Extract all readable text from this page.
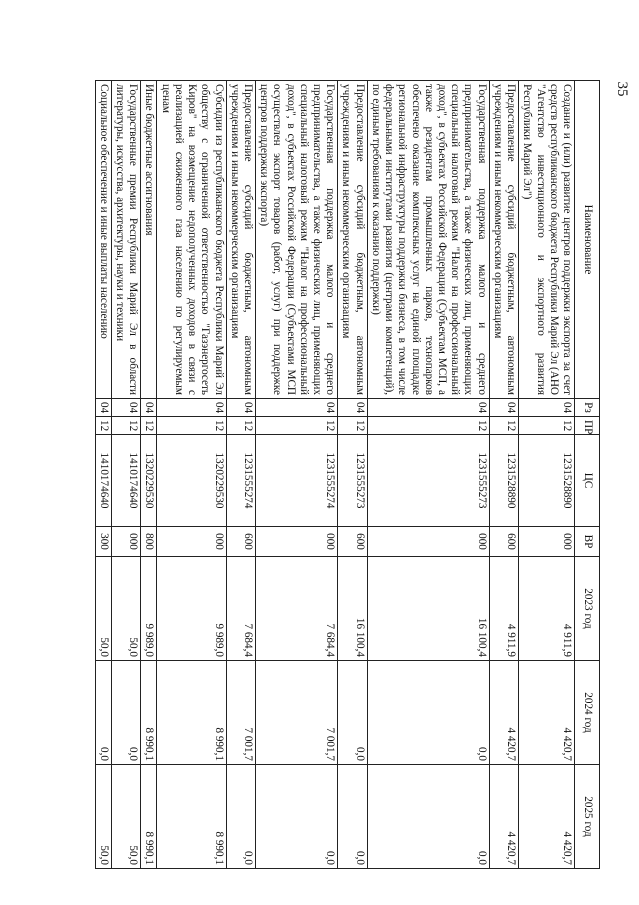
35
Наименование	Рз	ПР	ЦС	ВР	2023 год	2024 год	2025 год
Создание и (или) развитие центров поддержки экспорта за счет средств республиканского бюджета Республики Марий Эл (АНО "Агентство инвестиционного и экспортного развития Республики Марий Эл")	04	12	1231528890	000	4 911,9	4 420,7	4 420,7
Предоставление субсидий бюджетным, автономным учреждениям и иным некоммерческим организациям	04	12	1231528890	600	4 911,9	4 420,7	4 420,7
Государственная поддержка малого и среднего предпринимательства, а также физических лиц, применяющих специальный налоговый режим "Налог на профессиональный доход", в субъектах Российской Федерации (Субъектам МСП, а также резидентам промышленных парков, технопарков обеспечено оказание комплексных услуг на единой площадке региональной инфраструктуры поддержки бизнеса, в том числе федеральными институтами развития (центрами компетенций), по единым требованиям к оказанию поддержки)	04	12	1231555273	000	16 100,4	0,0	0,0
Предоставление субсидий бюджетным, автономным учреждениям и иным некоммерческим организациям	04	12	1231555273	600	16 100,4	0,0	0,0
Государственная поддержка малого и среднего предпринимательства, а также физических лиц, применяющих специальный налоговый режим "Налог на профессиональный доход", в субъектах Российской Федерации (Субъектами МСП осуществлен экспорт товаров (работ, услуг) при поддержке центров поддержки экспорта)	04	12	1231555274	000	7 684,4	7 001,7	0,0
Предоставление субсидий бюджетным, автономным учреждениям и иным некоммерческим организациям	04	12	1231555274	600	7 684,4	7 001,7	0,0
Субсидии из республиканского бюджета Республики Марий Эл обществу с ограниченной ответственностью "Газэнергосеть Киров" на возмещение недополученных доходов в связи с реализацией сжиженного газа населению по регулируемым ценам	04	12	1320229530	000	9 989,0	8 990,1	8 990,1
Иные бюджетные ассигнования	04	12	1320229530	800	9 989,0	8 990,1	8 990,1
Государственные премии Республики Марий Эл в области литературы, искусства, архитектуры, науки и техники	04	12	1410174640	000	50,0	0,0	50,0
Социальное обеспечение и иные выплаты населению	04	12	1410174640	300	50,0	0,0	50,0
